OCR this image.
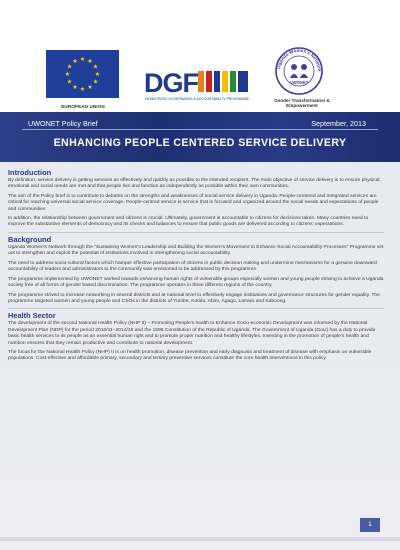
EUROPEAN UNION
DGF
DEMOCRATIC GOVERNANCE & ACCOUNTABILITY PROGRAMME
Uganda Women's Network
UWONET
Gender Transformation & Empowerment
UWONET Policy Brief	September, 2013
ENHANCING PEOPLE CENTERED SERVICE DELIVERY
Introduction

By definition, service delivery is getting services as effectively and quickly as possible to the intended recipient. The main objective of service delivery is to ensure physical, emotional and social needs are met and that people live and function as independently as possible within their own communities.

The aim of the Policy brief is to contribute to debates on the strengths and weaknesses of social service delivery in Uganda. People-centered and integrated services are critical for reaching universal social service coverage. People-centred service is service that is focused and organized around the social needs and expectations of people and communities

In addition, the relationship between government and citizens is crucial. Ultimately, government is accountable to citizens for decisions taken. Many countries need to improve the substantive elements of democracy and its checks and balances to ensure that public goods are delivered according to citizens' expectations.

Background

Uganda Women's Network through the "Sustaining Women's Leadership and Building the Women's Movement to Enhance Social Accountability Processes" Programme set out to strengthen and exploit the potential of institutions involved in strengthening social accountability.

The need to address socio-cultural factors which hamper effective participation of citizens in public decision making and undermine mechanisms for a genuine downward accountability of leaders and administrators to the community was envisioned to be addressed by this programme.

The programme implemented by UWONET worked towards enhancing human rights of vulnerable groups especially women and young people striving to achieve a Uganda society free of all forms of gender based discrimination. The programme operates in three different regions of the country.

The programme strived to increase networking in several districts and at national level to effectively engage institutions and governance structures for gender equality. The programme targeted women and young people and CSOs in the districts of Yumbe, Kotido, Abim, Agago, Lamwo and Kaboong.

Health Sector

The development of the second National Health Policy (NHP II) – Promoting People's health to Enhance Socio-economic Development was informed by the National Development Plan (NDP) for the period 2010/11–2014/15 and the 1995 Constitution of the Republic of Uganda. The Government of Uganda (GoU) has a duty to provide basic health services to its people as an essential human right and to promote proper nutrition and healthy lifestyles. Investing in the promotion of people's health and nutrition ensures that they remain productive and contribute to national development.

The focus for the National Health Policy (NHP) II is on health promotion, disease prevention and early diagnosis and treatment of disease with emphasis on vulnerable populations. Cost-effective and affordable primary, secondary and tertiary preventive services constitute the core health interventions in this policy.

1
